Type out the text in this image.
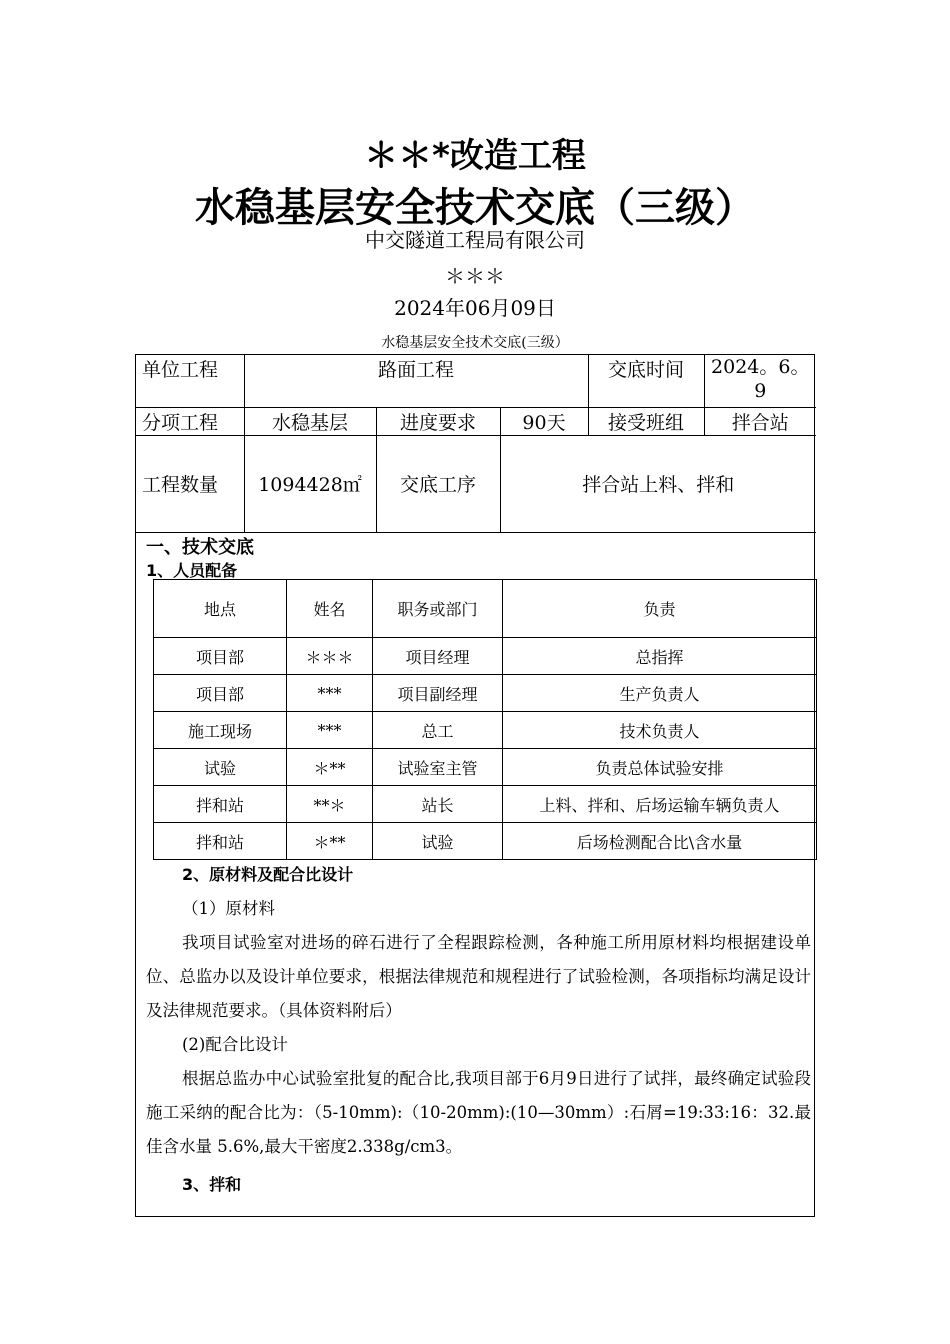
＊＊*改造工程
水稳基层安全技术交底（三级）
中交隧道工程局有限公司
＊＊＊
2024年06月09日
水稳基层安全技术交底(三级）
单位工程	路面工程			交底时间	2024。6。9
分项工程	水稳基层	进度要求	90天	接受班组	拌合站
工程数量	1094428㎡	交底工序	拌合站上料、拌和		
一、技术交底
1、人员配备
地点	姓名	职务或部门	负责
项目部	＊＊＊	项目经理	总指挥
项目部	***	项目副经理	生产负责人
施工现场	***	总工	技术负责人
试验	＊**	试验室主管	负责总体试验安排
拌和站	**＊	站长	上料、拌和、后场运输车辆负责人
拌和站	＊**	试验	后场检测配合比\含水量
2、原材料及配合比设计
（1）原材料

我项目试验室对进场的碎石进行了全程跟踪检测，各种施工所用原材料均根据建设单位、总监办以及设计单位要求，根据法律规范和规程进行了试验检测，各项指标均满足设计及法律规范要求。（具体资料附后）

(2)配合比设计

根据总监办中心试验室批复的配合比,我项目部于6月9日进行了试拌，最终确定试验段施工采纳的配合比为：（5-10mm):（10-20mm):(10—30mm）:石屑=19:33:16：32.最佳含水量 5.6%,最大干密度2.338g/cm3。

3、拌和
